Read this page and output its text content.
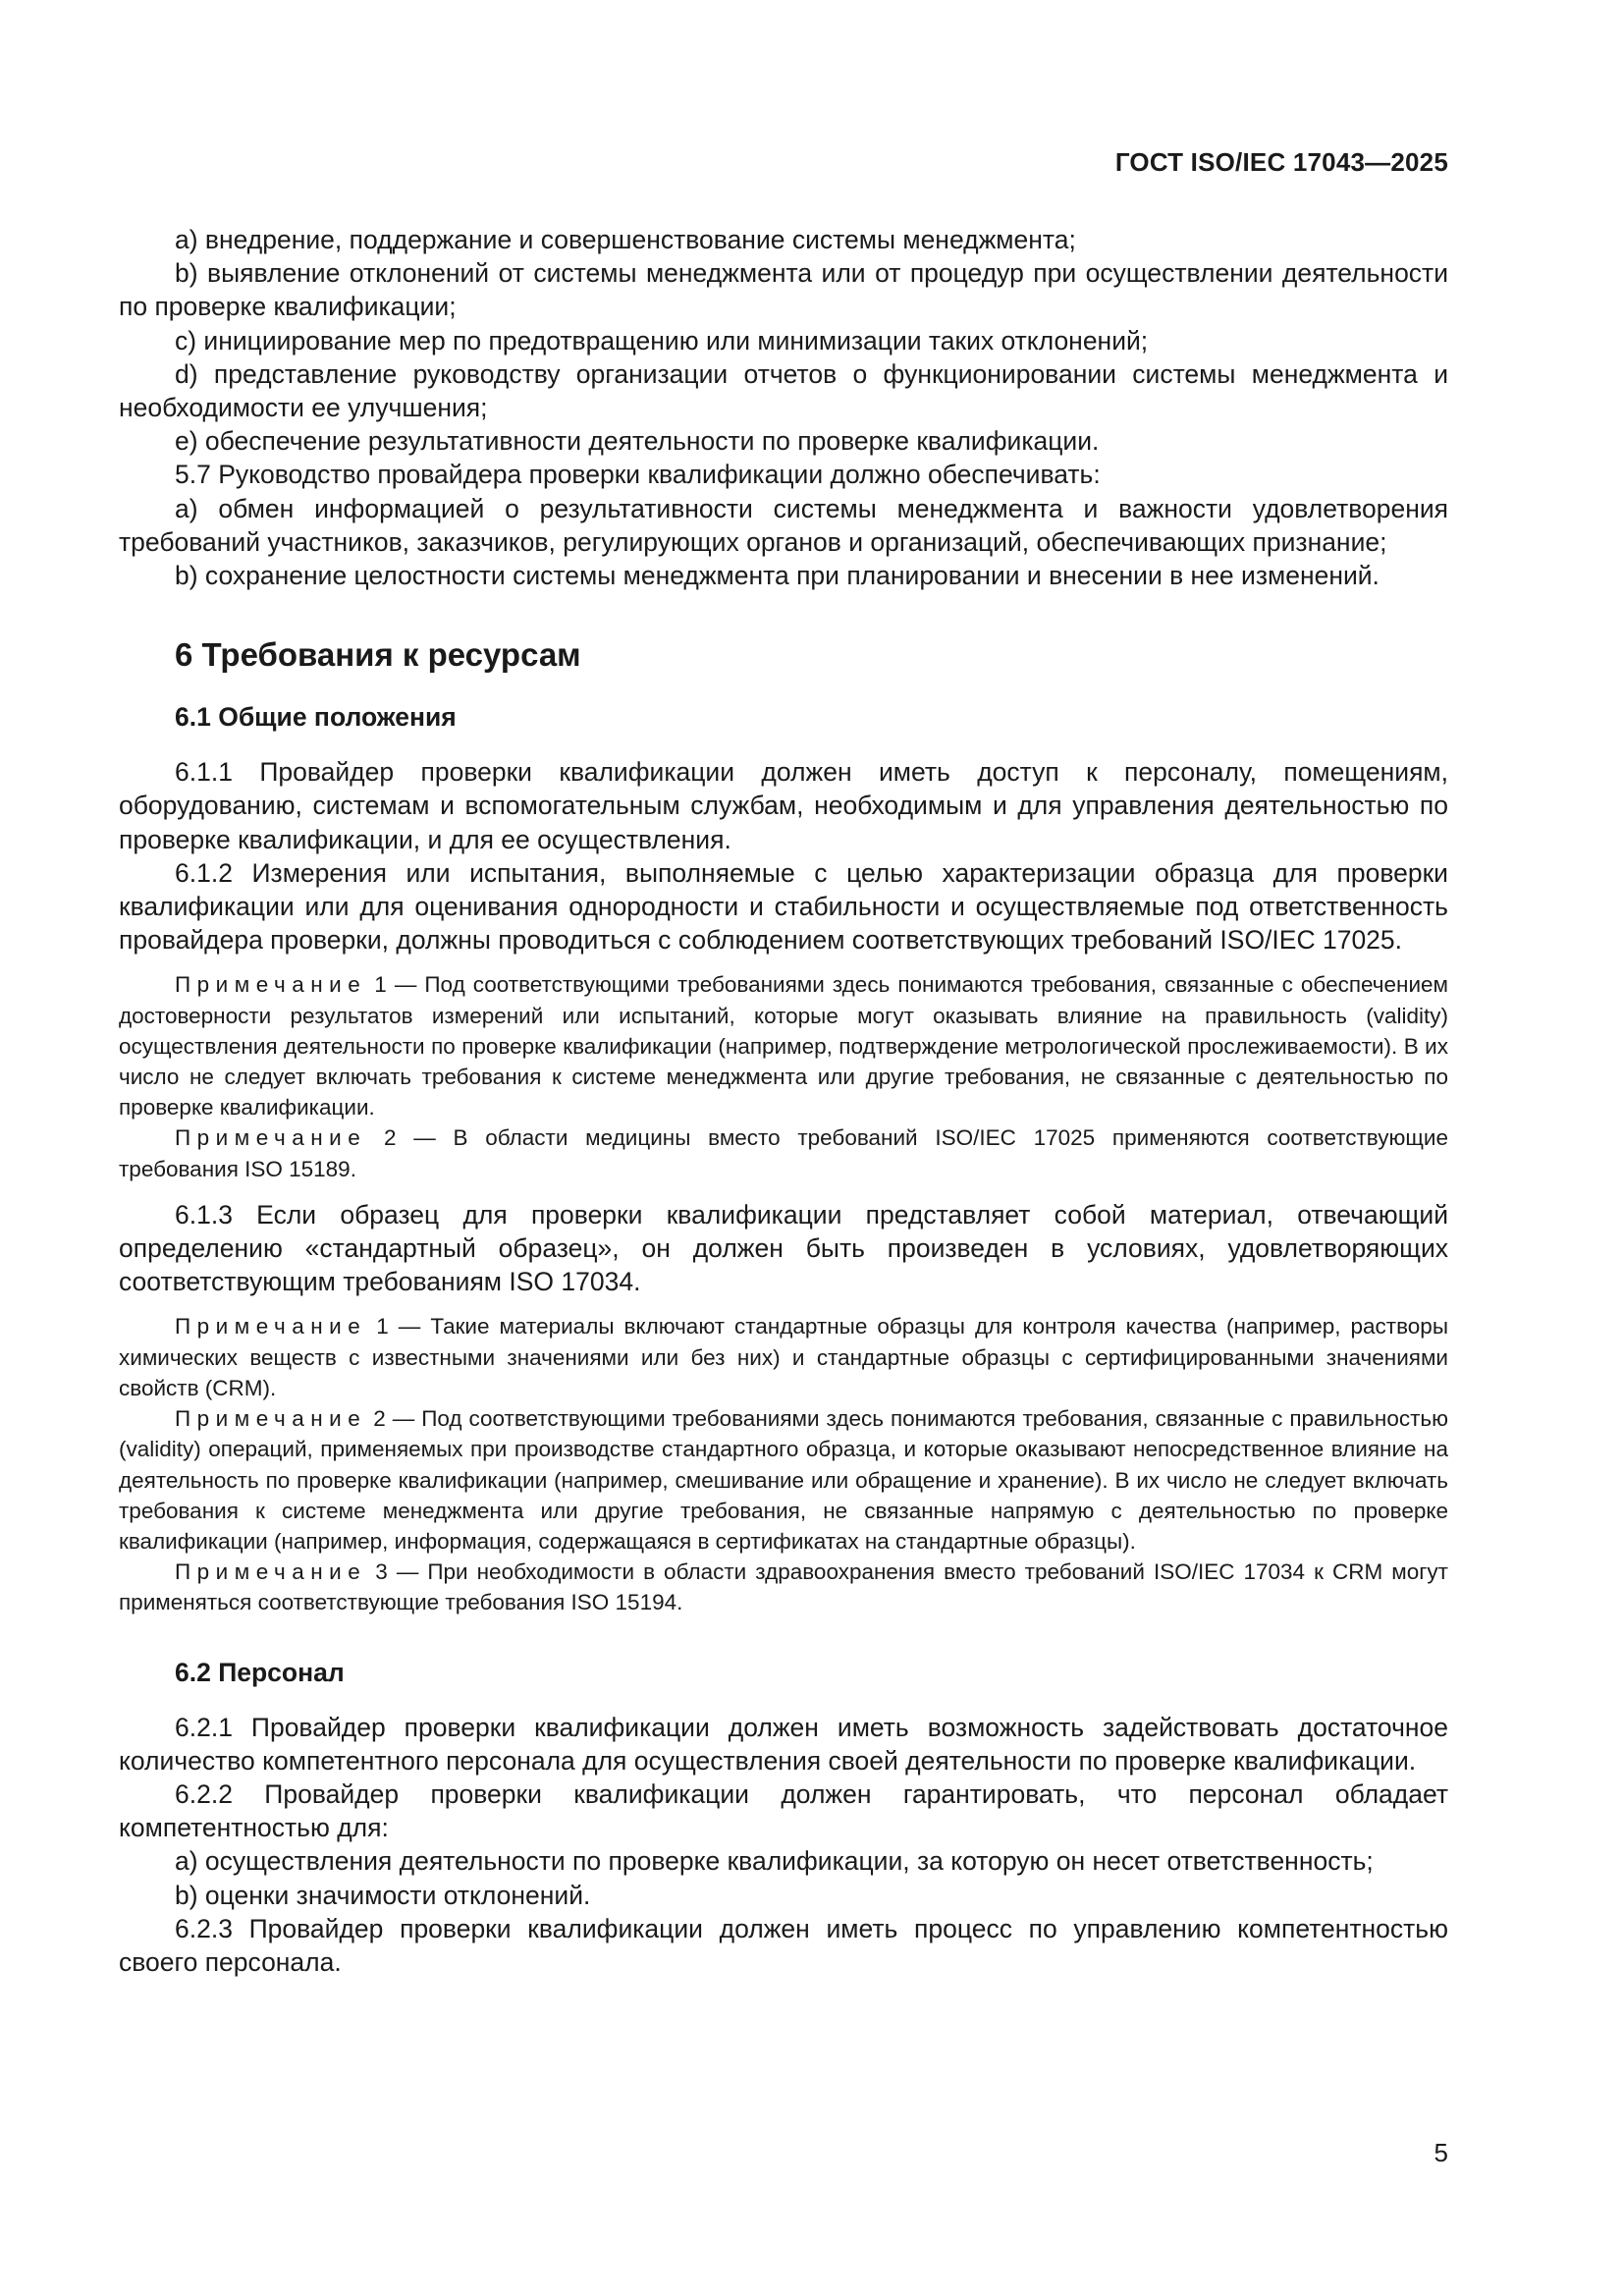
ГОСТ ISO/IEC 17043—2025

a) внедрение, поддержание и совершенствование системы менеджмента;

b) выявление отклонений от системы менеджмента или от процедур при осуществлении деятельности по проверке квалификации;

c) инициирование мер по предотвращению или минимизации таких отклонений;

d) представление руководству организации отчетов о функционировании системы менеджмента и необходимости ее улучшения;

e) обеспечение результативности деятельности по проверке квалификации.

5.7 Руководство провайдера проверки квалификации должно обеспечивать:

a) обмен информацией о результативности системы менеджмента и важности удовлетворения требований участников, заказчиков, регулирующих органов и организаций, обеспечивающих признание;

b) сохранение целостности системы менеджмента при планировании и внесении в нее изменений.

6 Требования к ресурсам
6.1 Общие положения

6.1.1 Провайдер проверки квалификации должен иметь доступ к персоналу, помещениям, оборудованию, системам и вспомогательным службам, необходимым и для управления деятельностью по проверке квалификации, и для ее осуществления.

6.1.2 Измерения или испытания, выполняемые с целью характеризации образца для проверки квалификации или для оценивания однородности и стабильности и осуществляемые под ответственность провайдера проверки, должны проводиться с соблюдением соответствующих требований ISO/IEC 17025.

Примечание 1 — Под соответствующими требованиями здесь понимаются требования, связанные с обеспечением достоверности результатов измерений или испытаний, которые могут оказывать влияние на правильность (validity) осуществления деятельности по проверке квалификации (например, подтверждение метрологической прослеживаемости). В их число не следует включать требования к системе менеджмента или другие требования, не связанные с деятельностью по проверке квалификации.

Примечание 2 — В области медицины вместо требований ISO/IEC 17025 применяются соответствующие требования ISO 15189.

6.1.3 Если образец для проверки квалификации представляет собой материал, отвечающий определению «стандартный образец», он должен быть произведен в условиях, удовлетворяющих соответствующим требованиям ISO 17034.

Примечание 1 — Такие материалы включают стандартные образцы для контроля качества (например, растворы химических веществ с известными значениями или без них) и стандартные образцы с сертифицированными значениями свойств (CRM).

Примечание 2 — Под соответствующими требованиями здесь понимаются требования, связанные с правильностью (validity) операций, применяемых при производстве стандартного образца, и которые оказывают непосредственное влияние на деятельность по проверке квалификации (например, смешивание или обращение и хранение). В их число не следует включать требования к системе менеджмента или другие требования, не связанные напрямую с деятельностью по проверке квалификации (например, информация, содержащаяся в сертификатах на стандартные образцы).

Примечание 3 — При необходимости в области здравоохранения вместо требований ISO/IEC 17034 к CRM могут применяться соответствующие требования ISO 15194.

6.2 Персонал

6.2.1 Провайдер проверки квалификации должен иметь возможность задействовать достаточное количество компетентного персонала для осуществления своей деятельности по проверке квалификации.

6.2.2 Провайдер проверки квалификации должен гарантировать, что персонал обладает компетентностью для:

a) осуществления деятельности по проверке квалификации, за которую он несет ответственность;

b) оценки значимости отклонений.

6.2.3 Провайдер проверки квалификации должен иметь процесс по управлению компетентностью своего персонала.

5
